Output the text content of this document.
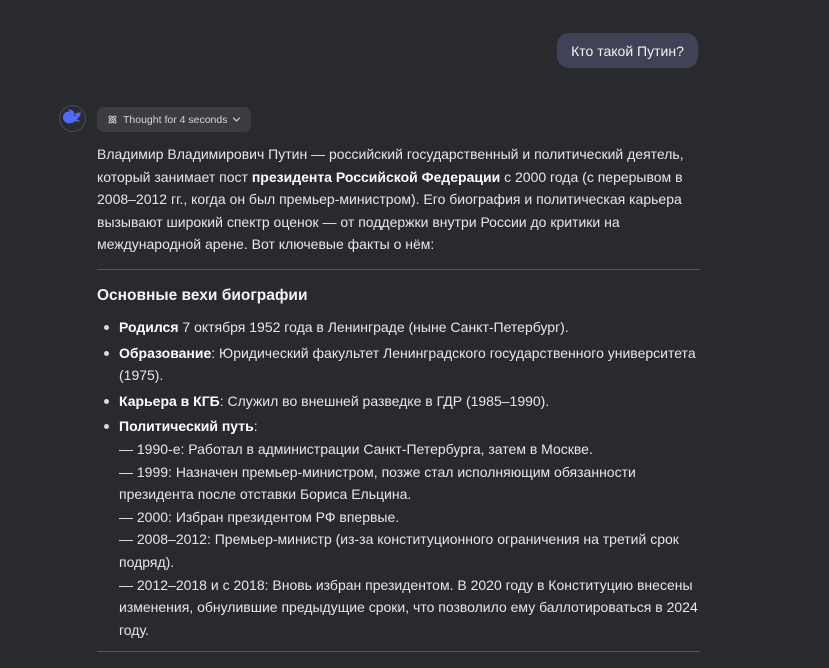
Кто такой Путин?
Thought for 4 seconds

Владимир Владимирович Путин — российский государственный и политический деятель, который занимает пост президента Российской Федерации с 2000 года (с перерывом в 2008–2012 гг., когда он был премьер-министром). Его биография и политическая карьера вызывают широкий спектр оценок — от поддержки внутри России до критики на международной арене. Вот ключевые факты о нём:

Основные вехи биографии
Родился 7 октября 1952 года в Ленинграде (ныне Санкт-Петербург).
Образование: Юридический факультет Ленинградского государственного университета (1975).
Карьера в КГБ: Служил во внешней разведке в ГДР (1985–1990).
Политический путь:
— 1990-е: Работал в администрации Санкт-Петербурга, затем в Москве.
— 1999: Назначен премьер-министром, позже стал исполняющим обязанности президента после отставки Бориса Ельцина.
— 2000: Избран президентом РФ впервые.
— 2008–2012: Премьер-министр (из-за конституционного ограничения на третий срок подряд).
— 2012–2018 и с 2018: Вновь избран президентом. В 2020 году в Конституцию внесены изменения, обнулившие предыдущие сроки, что позволило ему баллотироваться в 2024 году.
